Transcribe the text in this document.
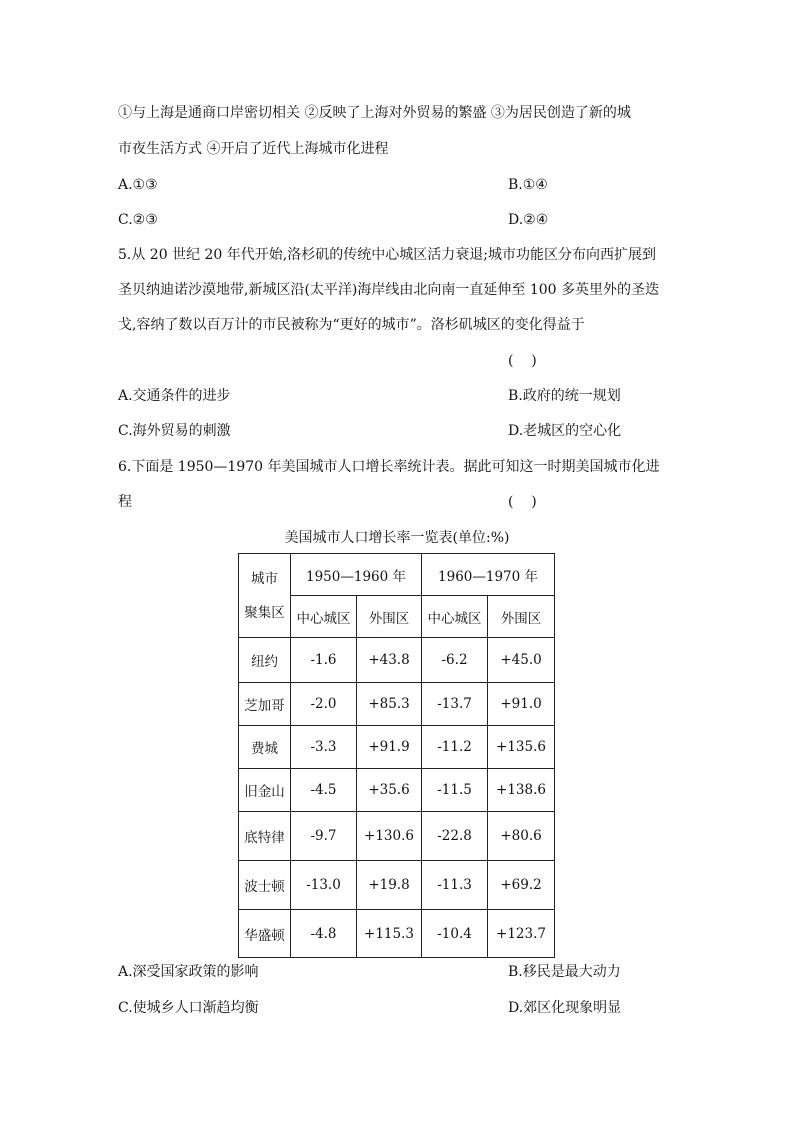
①与上海是通商口岸密切相关 ②反映了上海对外贸易的繁盛 ③为居民创造了新的城
市夜生活方式 ④开启了近代上海城市化进程
A.①③	B.①④
C.②③	D.②④
5.从 20 世纪 20 年代开始,洛杉矶的传统中心城区活力衰退;城市功能区分布向西扩展到
圣贝纳迪诺沙漠地带,新城区沿(太平洋)海岸线由北向南一直延伸至 100 多英里外的圣迭
戈,容纳了数以百万计的市民被称为“更好的城市”。洛杉矶城区的变化得益于
(    )
A.交通条件的进步	B.政府的统一规划
C.海外贸易的刺激	D.老城区的空心化
6.下面是 1950—1970 年美国城市人口增长率统计表。据此可知这一时期美国城市化进
程	(    )
美国城市人口增长率一览表(单位:%)
城市
聚集区	1950—1960 年		1960—1970 年	
	中心城区	外围区	中心城区	外围区
纽约	-1.6	+43.8	-6.2	+45.0
芝加哥	-2.0	+85.3	-13.7	+91.0
费城	-3.3	+91.9	-11.2	+135.6
旧金山	-4.5	+35.6	-11.5	+138.6
底特律	-9.7	+130.6	-22.8	+80.6
波士顿	-13.0	+19.8	-11.3	+69.2
华盛顿	-4.8	+115.3	-10.4	+123.7
A.深受国家政策的影响	B.移民是最大动力
C.使城乡人口渐趋均衡	D.郊区化现象明显
